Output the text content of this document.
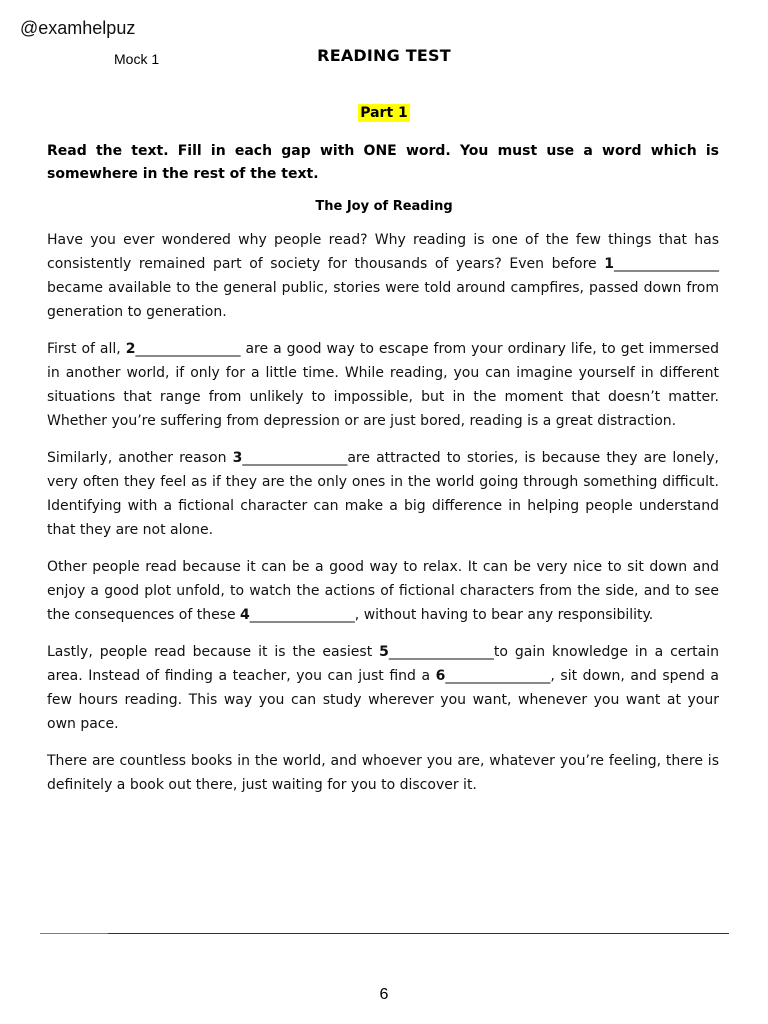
@examhelpuz
Mock 1	READING TEST
Part 1
Read the text. Fill in each gap with ONE word. You must use a word which is somewhere in the rest of the text.
The Joy of Reading

Have you ever wondered why people read? Why reading is one of the few things that has consistently remained part of society for thousands of years? Even before 1_______________ became available to the general public, stories were told around campfires, passed down from generation to generation.

First of all, 2_______________ are a good way to escape from your ordinary life, to get immersed in another world, if only for a little time. While reading, you can imagine yourself in different situations that range from unlikely to impossible, but in the moment that doesn’t matter. Whether you’re suffering from depression or are just bored, reading is a great distraction.

Similarly, another reason 3_______________are attracted to stories, is because they are lonely, very often they feel as if they are the only ones in the world going through something difficult. Identifying with a fictional character can make a big difference in helping people understand that they are not alone.

Other people read because it can be a good way to relax. It can be very nice to sit down and enjoy a good plot unfold, to watch the actions of fictional characters from the side, and to see the consequences of these 4_______________, without having to bear any responsibility.

Lastly, people read because it is the easiest 5_______________to gain knowledge in a certain area. Instead of finding a teacher, you can just find a 6_______________, sit down, and spend a few hours reading. This way you can study wherever you want, whenever you want at your own pace.

There are countless books in the world, and whoever you are, whatever you’re feeling, there is definitely a book out there, just waiting for you to discover it.

6
